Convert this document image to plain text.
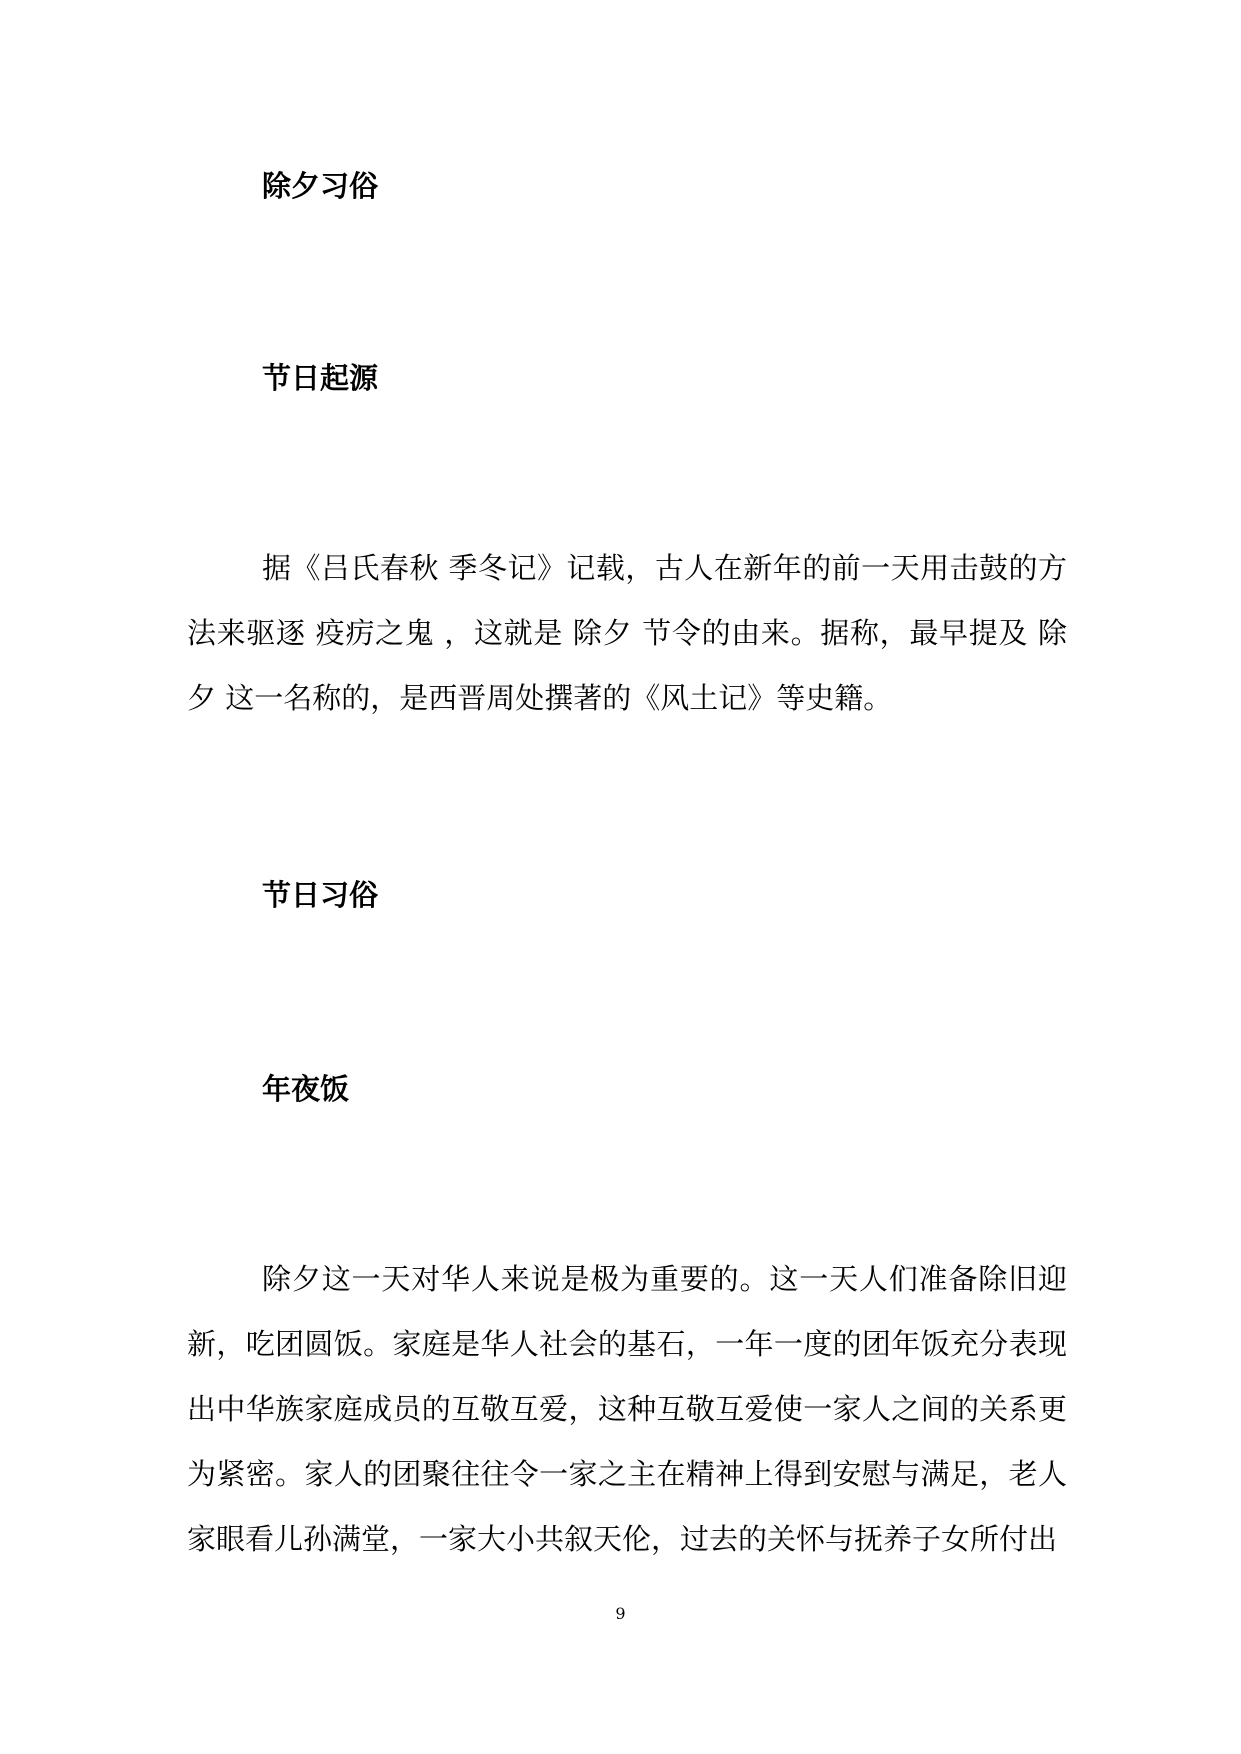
除夕习俗
节日起源

据《吕氏春秋 季冬记》记载，古人在新年的前一天用击鼓的方法来驱逐 疫疠之鬼 ，这就是 除夕 节令的由来。据称，最早提及 除夕 这一名称的，是西晋周处撰著的《风土记》等史籍。

节日习俗
年夜饭

除夕这一天对华人来说是极为重要的。这一天人们准备除旧迎新，吃团圆饭。家庭是华人社会的基石，一年一度的团年饭充分表现出中华族家庭成员的互敬互爱，这种互敬互爱使一家人之间的关系更为紧密。家人的团聚往往令一家之主在精神上得到安慰与满足，老人家眼看儿孙满堂，一家大小共叙天伦，过去的关怀与抚养子女所付出

9
